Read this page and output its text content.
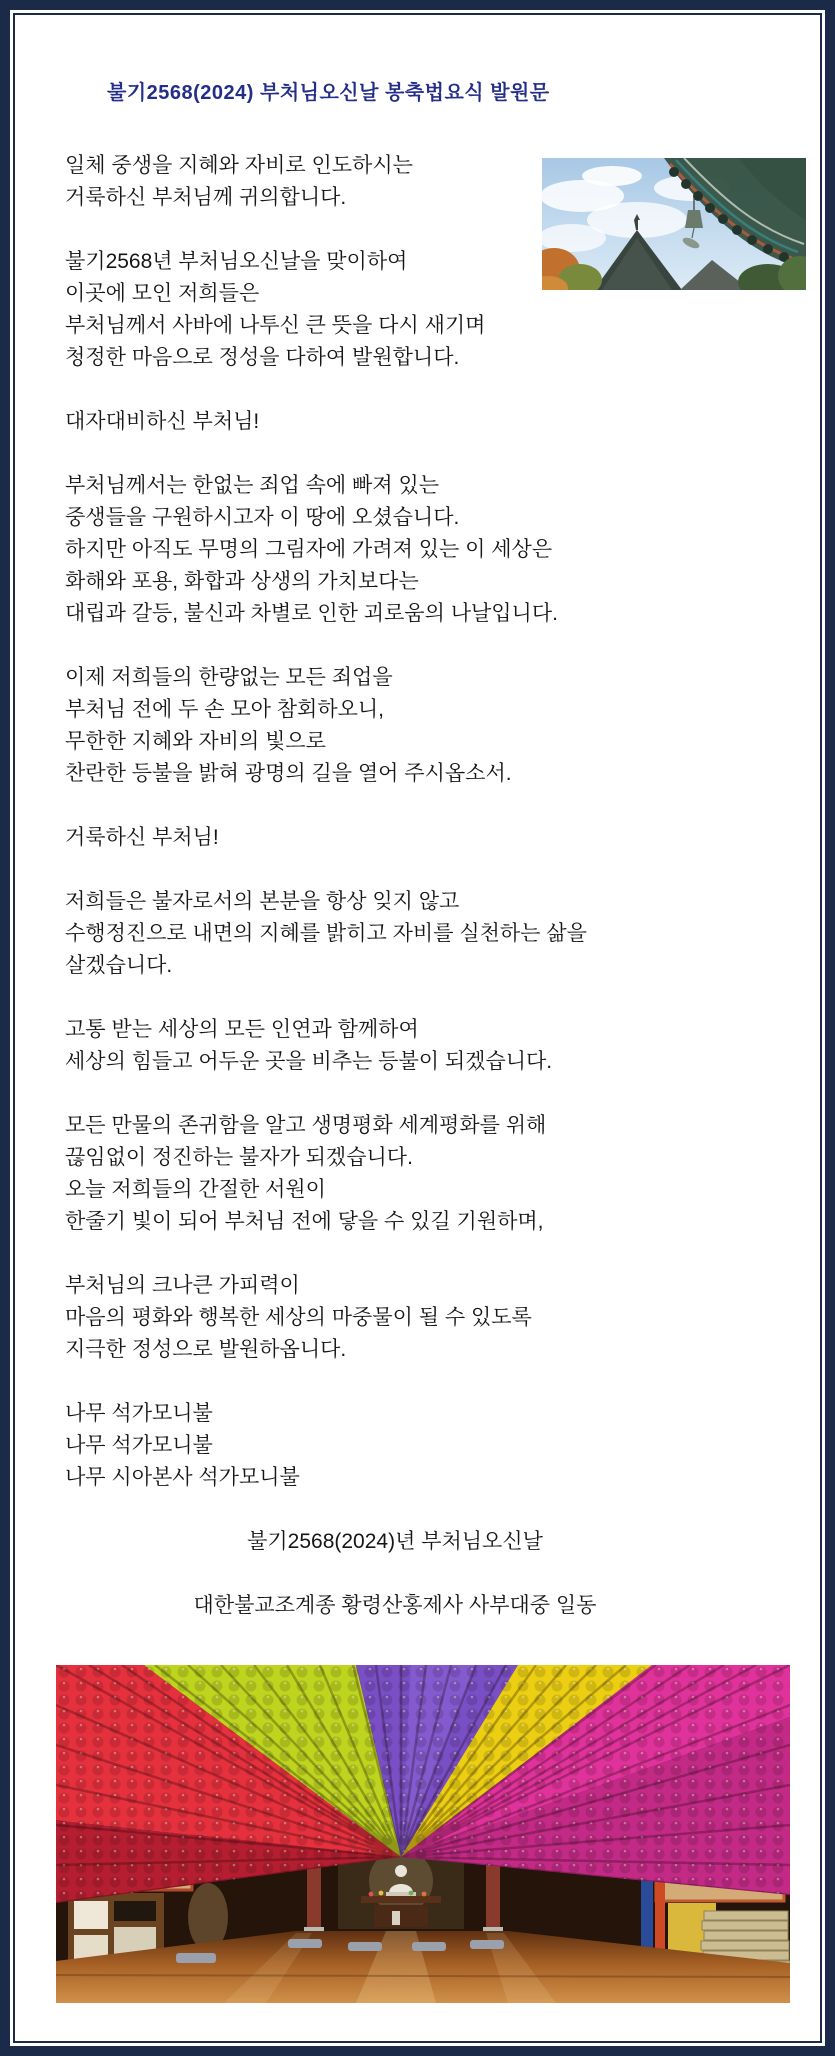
불기2568(2024) 부처님오신날 봉축법요식 발원문
일체 중생을 지혜와 자비로 인도하시는
거룩하신 부처님께 귀의합니다.
불기2568년 부처님오신날을 맞이하여
이곳에 모인 저희들은
부처님께서 사바에 나투신 큰 뜻을 다시 새기며
청정한 마음으로 정성을 다하여 발원합니다.
대자대비하신 부처님!
부처님께서는 한없는 죄업 속에 빠져 있는
중생들을 구원하시고자 이 땅에 오셨습니다.
하지만 아직도 무명의 그림자에 가려져 있는 이 세상은
화해와 포용, 화합과 상생의 가치보다는
대립과 갈등, 불신과 차별로 인한 괴로움의 나날입니다.
이제 저희들의 한량없는 모든 죄업을
부처님 전에 두 손 모아 참회하오니,
무한한 지혜와 자비의 빛으로
찬란한 등불을 밝혀 광명의 길을 열어 주시옵소서.
거룩하신 부처님!
저희들은 불자로서의 본분을 항상 잊지 않고
수행정진으로 내면의 지혜를 밝히고 자비를 실천하는 삶을
살겠습니다.
고통 받는 세상의 모든 인연과 함께하여
세상의 힘들고 어두운 곳을 비추는 등불이 되겠습니다.
모든 만물의 존귀함을 알고 생명평화 세계평화를 위해
끊임없이 정진하는 불자가 되겠습니다.
오늘 저희들의 간절한 서원이
한줄기 빛이 되어 부처님 전에 닿을 수 있길 기원하며,
부처님의 크나큰 가피력이
마음의 평화와 행복한 세상의 마중물이 될 수 있도록
지극한 정성으로 발원하옵니다.
나무 석가모니불
나무 석가모니불
나무 시아본사 석가모니불
불기2568(2024)년 부처님오신날
대한불교조계종 황령산홍제사 사부대중 일동
